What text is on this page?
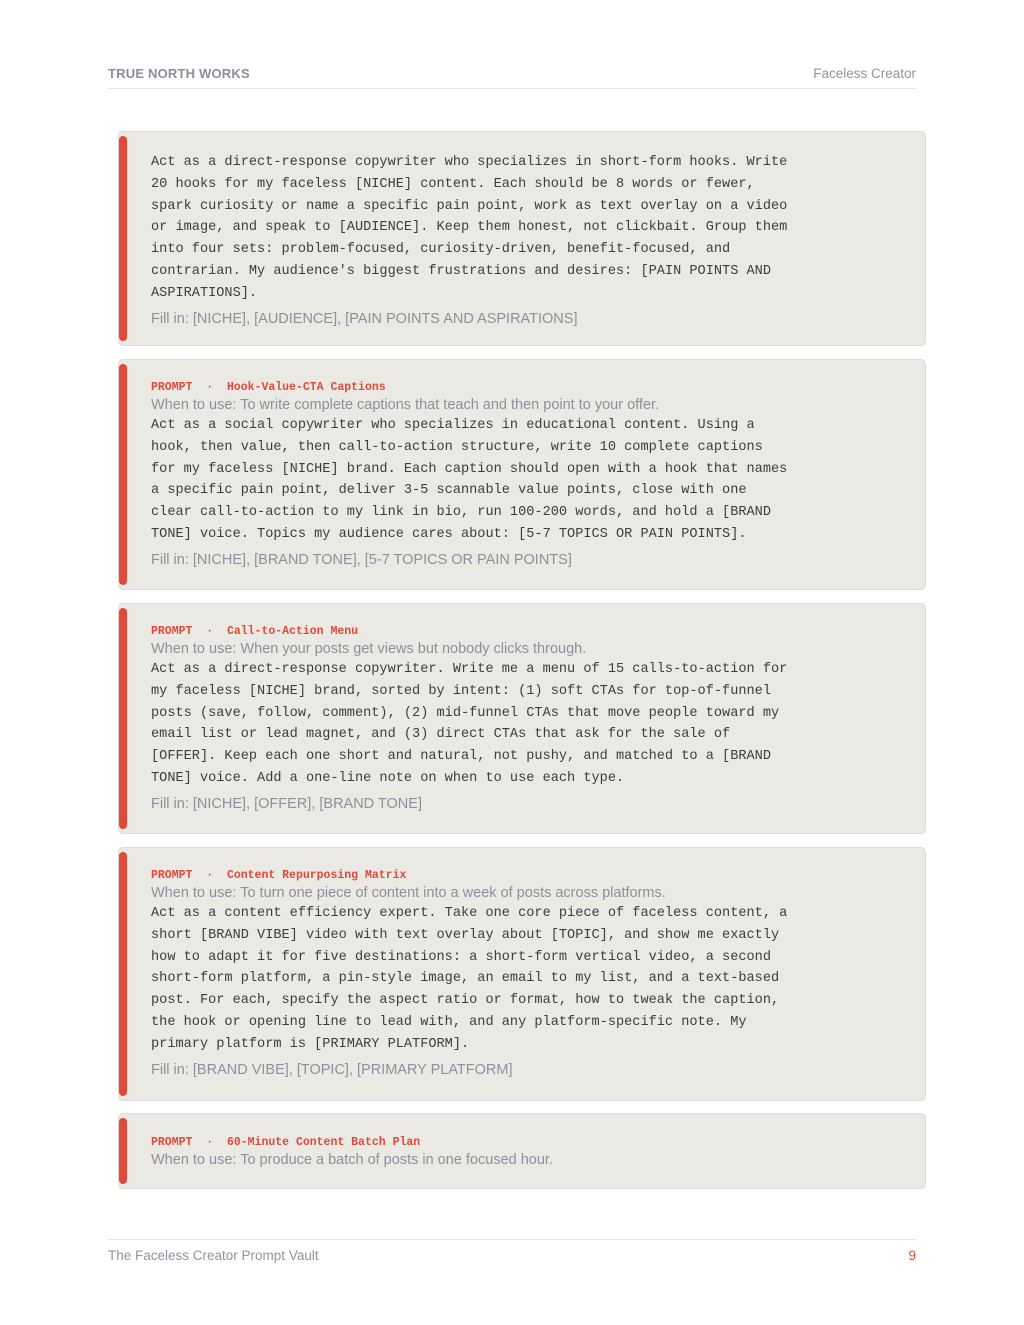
TRUE NORTH WORKS	Faceless Creator
Act as a direct-response copywriter who specializes in short-form hooks. Write
20 hooks for my faceless [NICHE] content. Each should be 8 words or fewer,
spark curiosity or name a specific pain point, work as text overlay on a video
or image, and speak to [AUDIENCE]. Keep them honest, not clickbait. Group them
into four sets: problem-focused, curiosity-driven, benefit-focused, and
contrarian. My audience's biggest frustrations and desires: [PAIN POINTS AND
ASPIRATIONS].
Fill in: [NICHE], [AUDIENCE], [PAIN POINTS AND ASPIRATIONS]
PROMPT  ·  Hook-Value-CTA Captions
When to use: To write complete captions that teach and then point to your offer.
Act as a social copywriter who specializes in educational content. Using a
hook, then value, then call-to-action structure, write 10 complete captions
for my faceless [NICHE] brand. Each caption should open with a hook that names
a specific pain point, deliver 3-5 scannable value points, close with one
clear call-to-action to my link in bio, run 100-200 words, and hold a [BRAND
TONE] voice. Topics my audience cares about: [5-7 TOPICS OR PAIN POINTS].
Fill in: [NICHE], [BRAND TONE], [5-7 TOPICS OR PAIN POINTS]
PROMPT  ·  Call-to-Action Menu
When to use: When your posts get views but nobody clicks through.
Act as a direct-response copywriter. Write me a menu of 15 calls-to-action for
my faceless [NICHE] brand, sorted by intent: (1) soft CTAs for top-of-funnel
posts (save, follow, comment), (2) mid-funnel CTAs that move people toward my
email list or lead magnet, and (3) direct CTAs that ask for the sale of
[OFFER]. Keep each one short and natural, not pushy, and matched to a [BRAND
TONE] voice. Add a one-line note on when to use each type.
Fill in: [NICHE], [OFFER], [BRAND TONE]
PROMPT  ·  Content Repurposing Matrix
When to use: To turn one piece of content into a week of posts across platforms.
Act as a content efficiency expert. Take one core piece of faceless content, a
short [BRAND VIBE] video with text overlay about [TOPIC], and show me exactly
how to adapt it for five destinations: a short-form vertical video, a second
short-form platform, a pin-style image, an email to my list, and a text-based
post. For each, specify the aspect ratio or format, how to tweak the caption,
the hook or opening line to lead with, and any platform-specific note. My
primary platform is [PRIMARY PLATFORM].
Fill in: [BRAND VIBE], [TOPIC], [PRIMARY PLATFORM]
PROMPT  ·  60-Minute Content Batch Plan
When to use: To produce a batch of posts in one focused hour.
The Faceless Creator Prompt Vault	9
